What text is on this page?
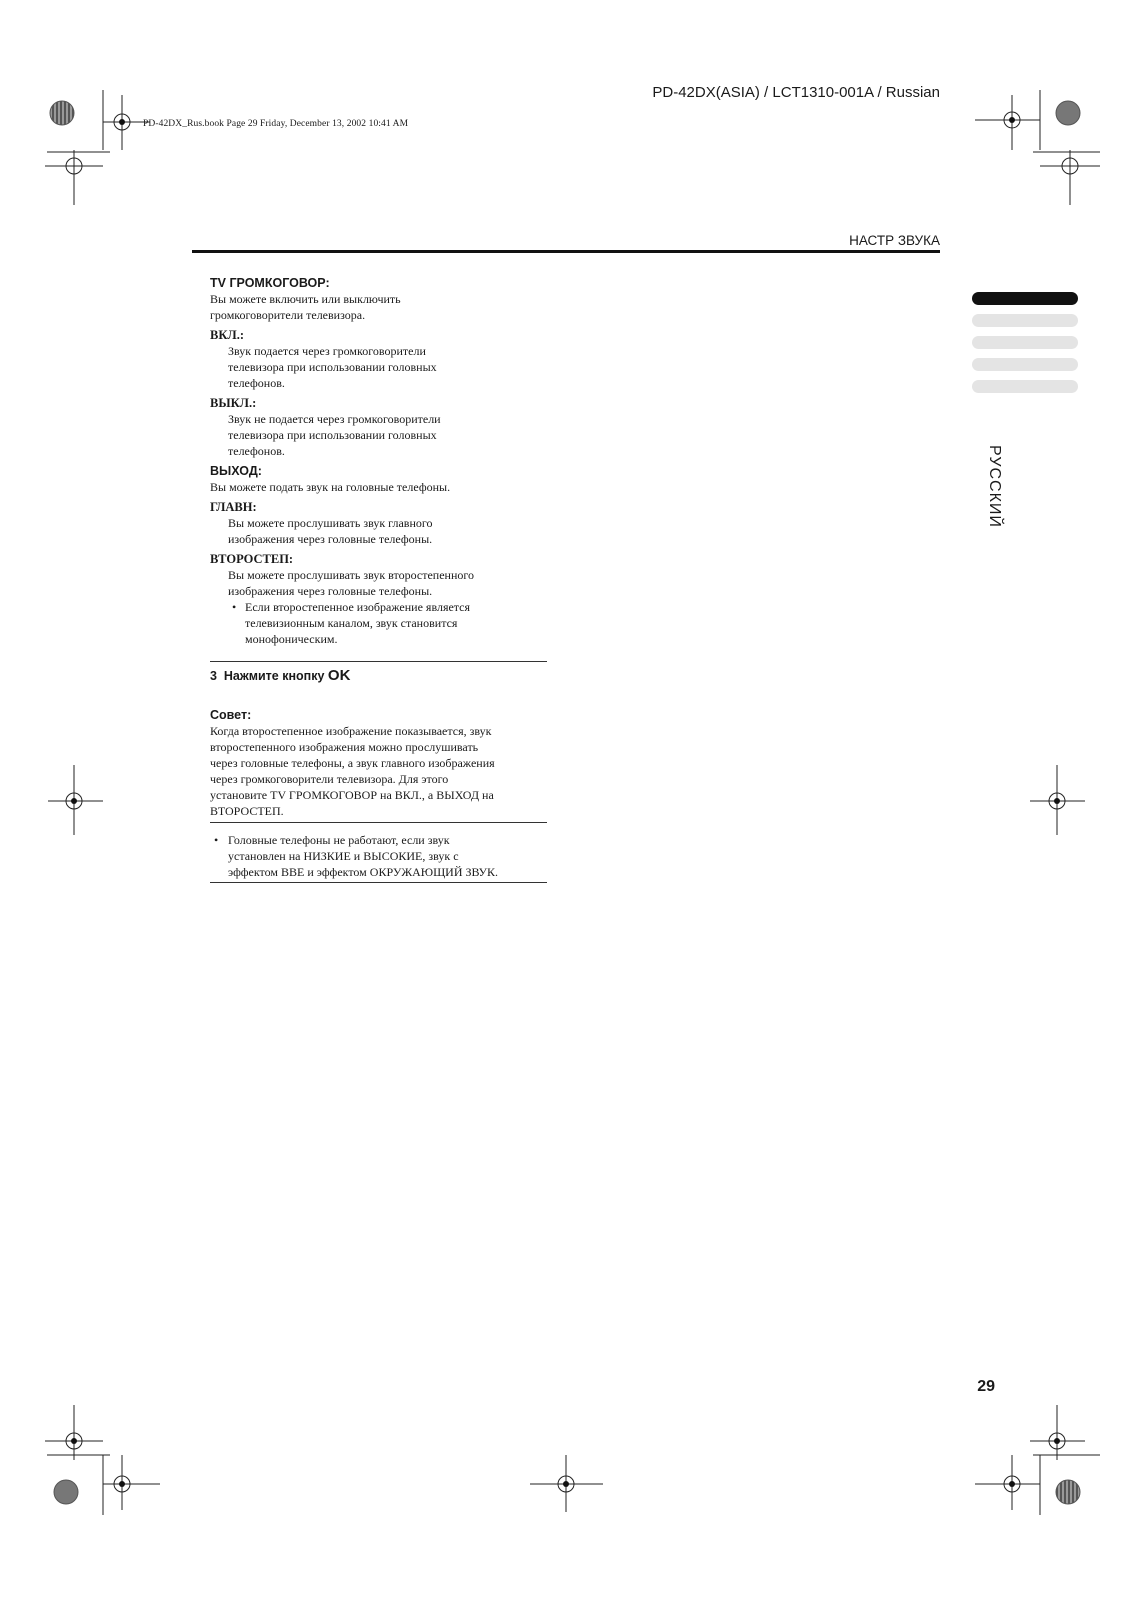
PD-42DX(ASIA) / LCT1310-001A / Russian
PD-42DX_Rus.book Page 29 Friday, December 13, 2002 10:41 AM
НАСТР ЗВУКА
РУССКИЙ

TV ГРОМКОГОВОР:

Вы можете включить или выключить

громкоговорители телевизора.

ВКЛ.:

Звук подается через громкоговорители

телевизора при использовании головных

телефонов.

ВЫКЛ.:

Звук не подается через громкоговорители

телевизора при использовании головных

телефонов.

ВЫХОД:

Вы можете подать звук на головные телефоны.

ГЛАВН:

Вы можете прослушивать звук главного

изображения через головные телефоны.

ВТОРОСТЕП:

Вы можете прослушивать звук второстепенного

изображения через головные телефоны.

• Если второстепенное изображение является

телевизионным каналом, звук становится

монофоническим.

3 Нажмите кнопку OK

Совет:

Когда второстепенное изображение показывается, звук

второстепенного изображения можно прослушивать

через головные телефоны, а звук главного изображения

через громкоговорители телевизора. Для этого

установите TV ГРОМКОГОВОР на ВКЛ., а ВЫХОД на

ВТОРОСТЕП.

• Головные телефоны не работают, если звук

установлен на НИЗКИЕ и ВЫСОКИЕ, звук с

эффектом BBE и эффектом ОКРУЖАЮЩИЙ ЗВУК.

29
